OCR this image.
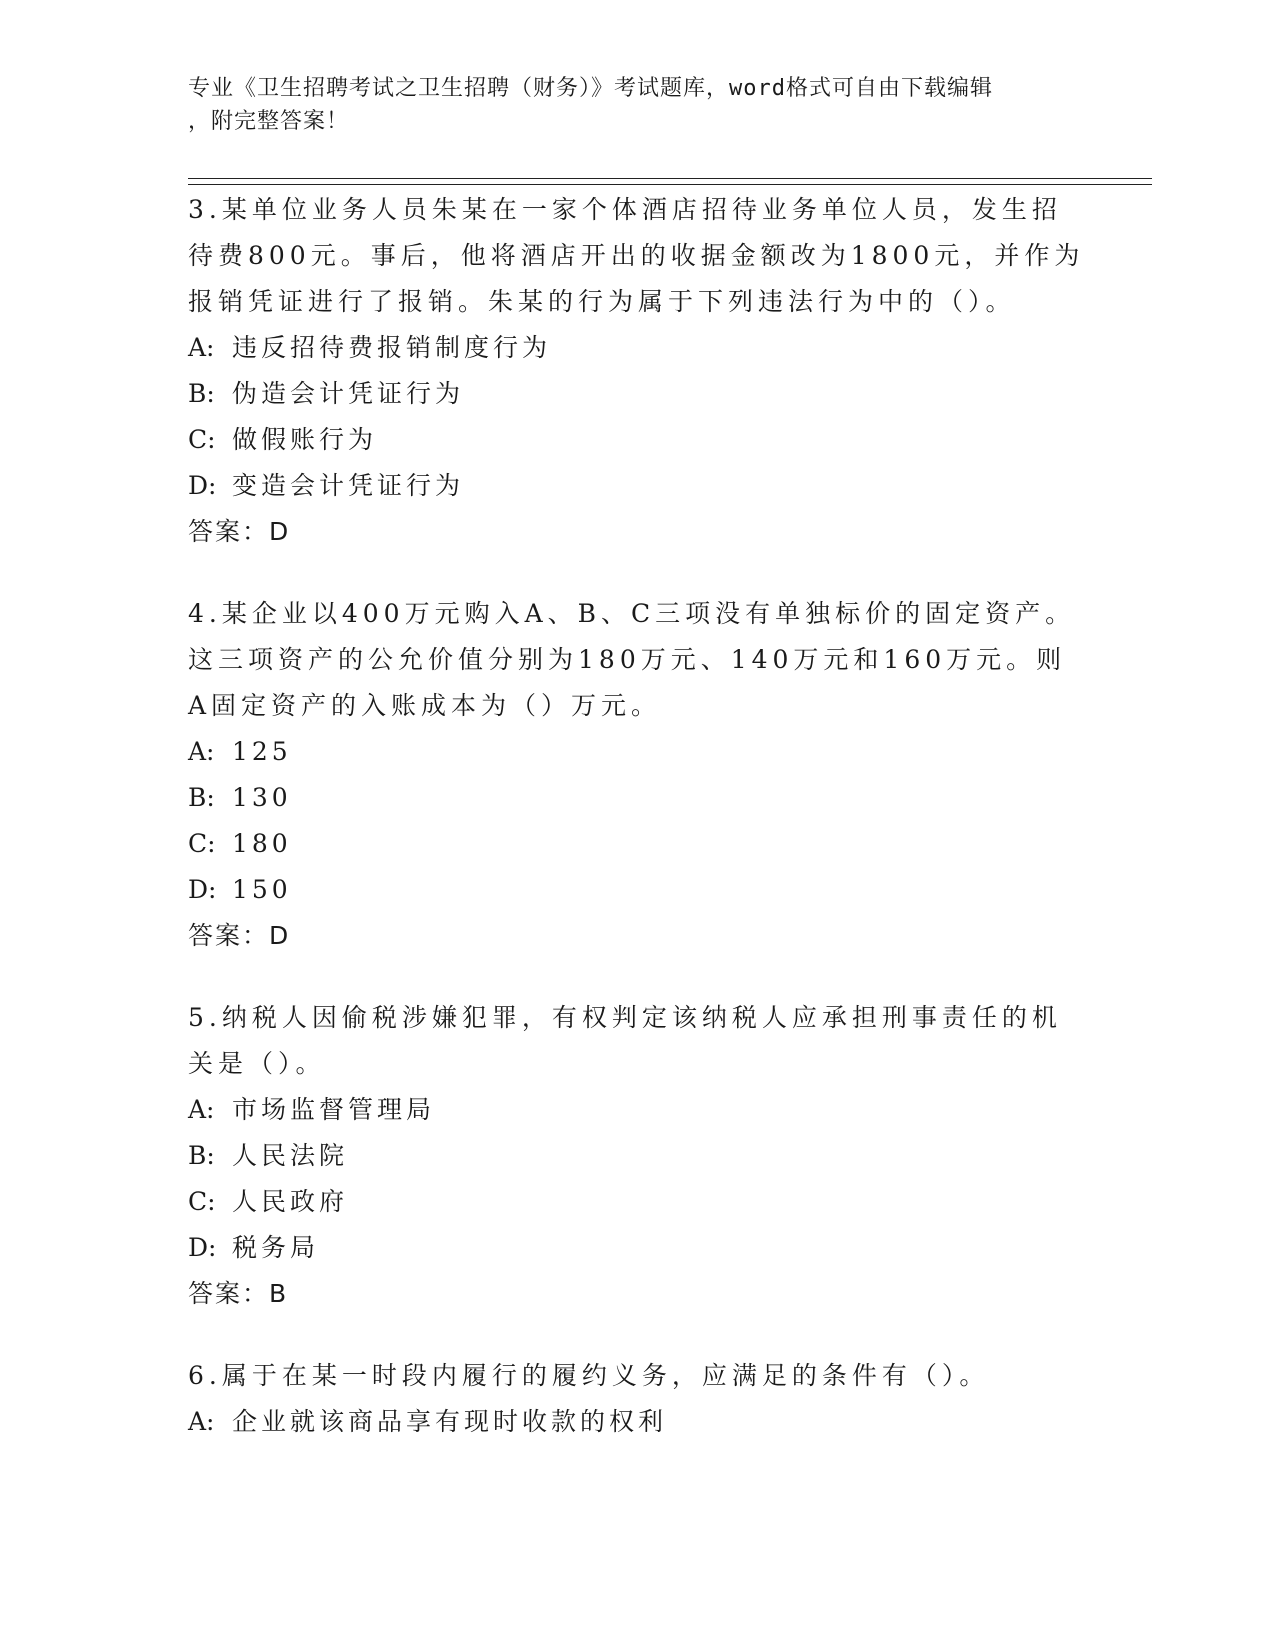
专业《卫生招聘考试之卫生招聘（财务）》考试题库，word格式可自由下载编辑
，附完整答案！

3.某单位业务人员朱某在一家个体酒店招待业务单位人员，发生招待费800元。事后，他将酒店开出的收据金额改为1800元，并作为报销凭证进行了报销。朱某的行为属于下列违法行为中的（）。

A: 违反招待费报销制度行为

B: 伪造会计凭证行为

C: 做假账行为

D: 变造会计凭证行为

答案：D

4.某企业以400万元购入A、B、C三项没有单独标价的固定资产。这三项资产的公允价值分别为180万元、140万元和160万元。则A固定资产的入账成本为（）万元。

A: 125

B: 130

C: 180

D: 150

答案：D

5.纳税人因偷税涉嫌犯罪，有权判定该纳税人应承担刑事责任的机关是（）。

A: 市场监督管理局

B: 人民法院

C: 人民政府

D: 税务局

答案：B

6.属于在某一时段内履行的履约义务，应满足的条件有（）。

A: 企业就该商品享有现时收款的权利
